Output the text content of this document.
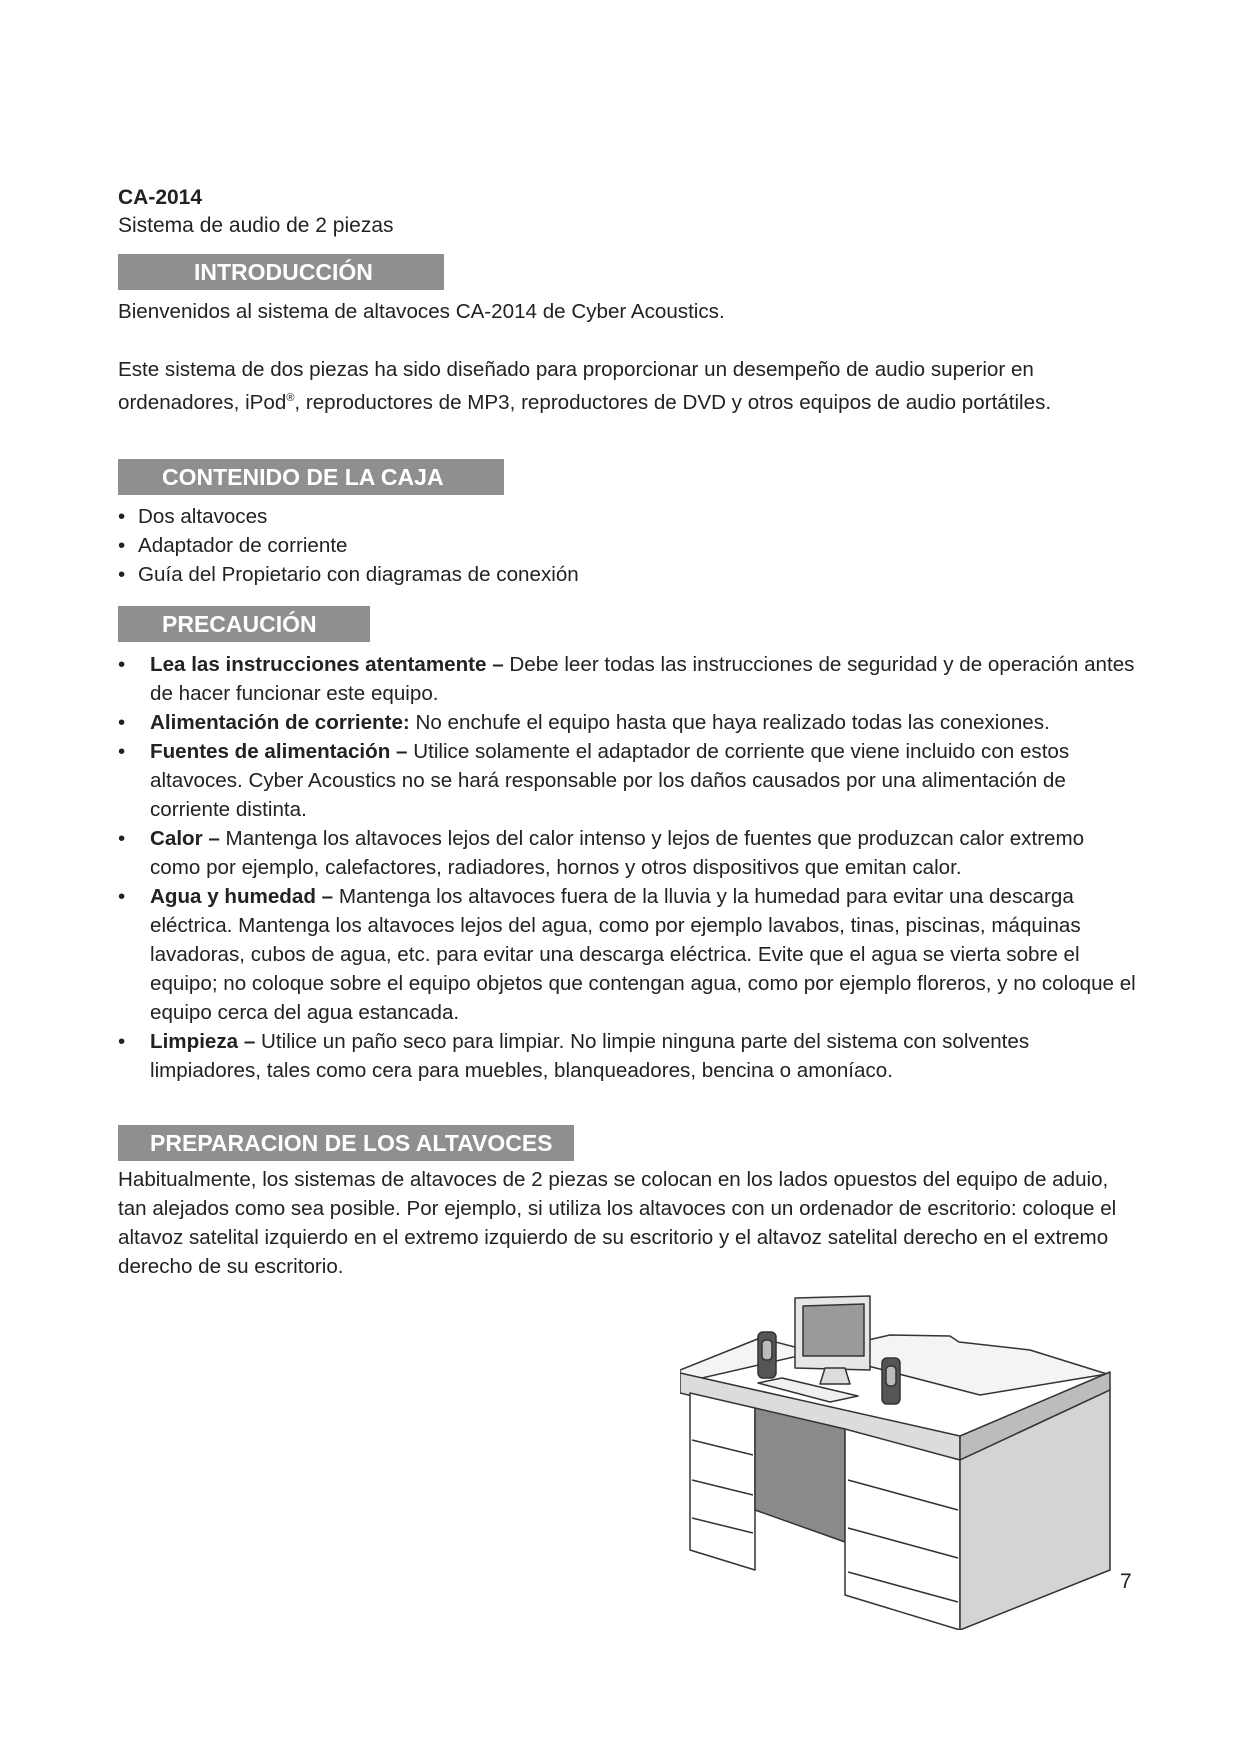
CA-2014
Sistema de audio de 2 piezas
INTRODUCCIÓN

Bienvenidos al sistema de altavoces CA-2014 de Cyber Acoustics.

Este sistema de dos piezas ha sido diseñado para proporcionar un desempeño de audio superior en ordenadores, iPod®, reproductores de MP3, reproductores de DVD y otros equipos de audio portátiles.

CONTENIDO DE LA CAJA
• Dos altavoces
• Adaptador de corriente
• Guía del Propietario con diagramas de conexión
PRECAUCIÓN
• Lea las instrucciones atentamente – Debe leer todas las instrucciones de seguridad y de operación antes de hacer funcionar este equipo.
• Alimentación de corriente: No enchufe el equipo hasta que haya realizado todas las conexiones.
• Fuentes de alimentación – Utilice solamente el adaptador de corriente que viene incluido con estos altavoces. Cyber Acoustics no se hará responsable por los daños causados por una alimentación de corriente distinta.
• Calor – Mantenga los altavoces lejos del calor intenso y lejos de fuentes que produzcan calor extremo como por ejemplo, calefactores, radiadores, hornos y otros dispositivos que emitan calor.
• Agua y humedad – Mantenga los altavoces fuera de la lluvia y la humedad para evitar una descarga eléctrica. Mantenga los altavoces lejos del agua, como por ejemplo lavabos, tinas, piscinas, máquinas lavadoras, cubos de agua, etc. para evitar una descarga eléctrica. Evite que el agua se vierta sobre el equipo; no coloque sobre el equipo objetos que contengan agua, como por ejemplo floreros, y no coloque el equipo cerca del agua estancada.
• Limpieza – Utilice un paño seco para limpiar. No limpie ninguna parte del sistema con solventes limpiadores, tales como cera para muebles, blanqueadores, bencina o amoníaco.
PREPARACION DE LOS ALTAVOCES

Habitualmente, los sistemas de altavoces de 2 piezas se colocan en los lados opuestos del equipo de aduio, tan alejados como sea posible. Por ejemplo, si utiliza los altavoces con un ordenador de escritorio: coloque el altavoz satelital izquierdo en el extremo izquierdo de su escritorio y el altavoz satelital derecho en el extremo derecho de su escritorio.

7
